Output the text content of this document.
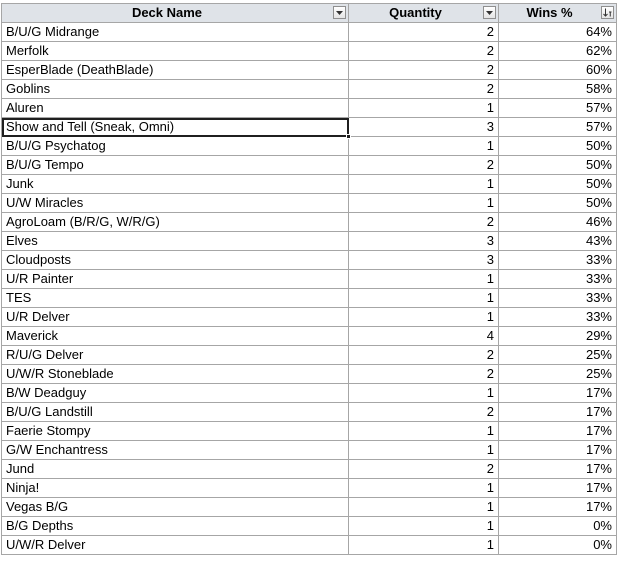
Deck Name	Quantity	Wins %

B/U/G Midrange	2	64%
Merfolk	2	62%
EsperBlade (DeathBlade)	2	60%
Goblins	2	58%
Aluren	1	57%
Show and Tell (Sneak, Omni)	3	57%
B/U/G Psychatog	1	50%
B/U/G Tempo	2	50%
Junk	1	50%
U/W Miracles	1	50%
AgroLoam (B/R/G, W/R/G)	2	46%
Elves	3	43%
Cloudposts	3	33%
U/R Painter	1	33%
TES	1	33%
U/R Delver	1	33%
Maverick	4	29%
R/U/G Delver	2	25%
U/W/R Stoneblade	2	25%
B/W Deadguy	1	17%
B/U/G Landstill	2	17%
Faerie Stompy	1	17%
G/W Enchantress	1	17%
Jund	2	17%
Ninja!	1	17%
Vegas B/G	1	17%
B/G Depths	1	0%
U/W/R Delver	1	0%
